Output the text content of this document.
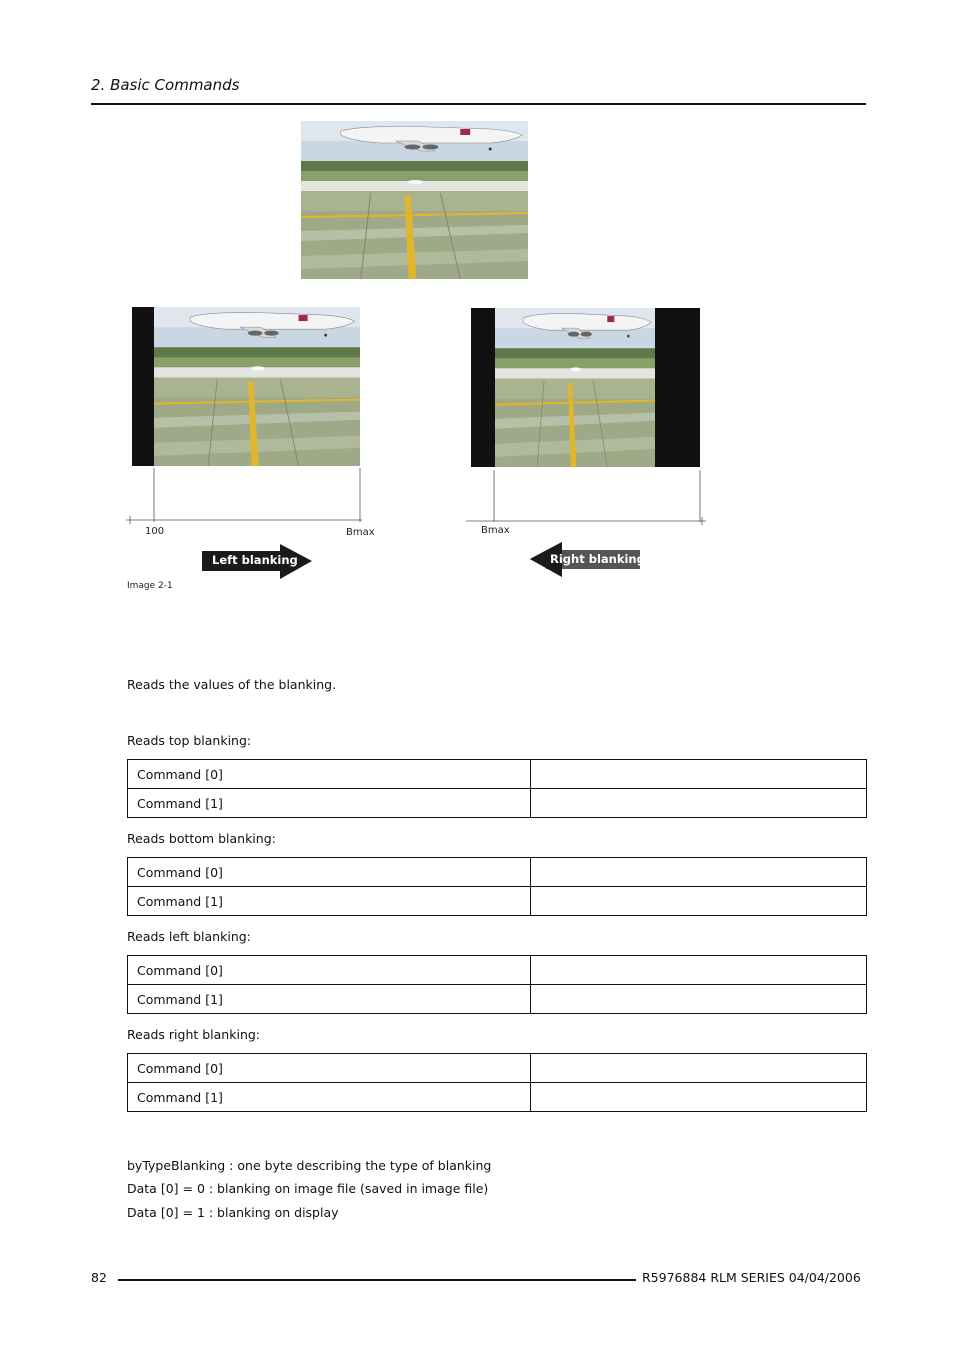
2. Basic Commands
100	Bmax	Bmax
Left blanking	Right blanking
Image 2-1
Reads the values of the blanking.
Reads top blanking:
Command [0]	
Command [1]	
Reads bottom blanking:
Command [0]	
Command [1]	
Reads left blanking:
Command [0]	
Command [1]	
Reads right blanking:
Command [0]	
Command [1]	
byTypeBlanking : one byte describing the type of blanking
Data [0] = 0 : blanking on image file (saved in image file)
Data [0] = 1 : blanking on display
82	R5976884 RLM SERIES 04/04/2006
